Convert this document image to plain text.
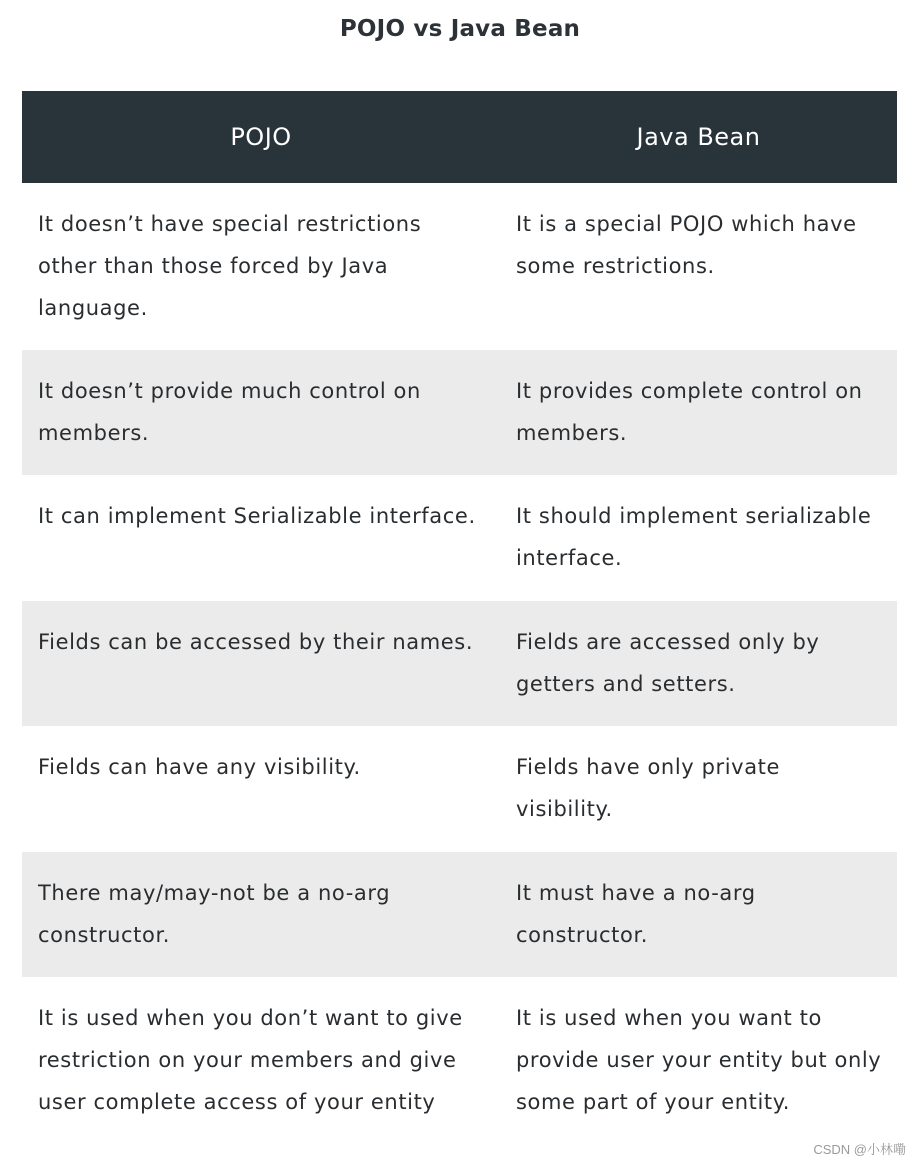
POJO vs Java Bean
POJO	Java Bean
It doesn’t have special restrictions other than those forced by Java language.	It is a special POJO which have some restrictions.
It doesn’t provide much control on members.	It provides complete control on members.
It can implement Serializable interface.	It should implement serializable interface.
Fields can be accessed by their names.	Fields are accessed only by getters and setters.
Fields can have any visibility.	Fields have only private visibility.
There may/may-not be a no-arg constructor.	It must have a no-arg constructor.
It is used when you don’t want to give restriction on your members and give user complete access of your entity	It is used when you want to provide user your entity but only some part of your entity.
CSDN @小林嘞
